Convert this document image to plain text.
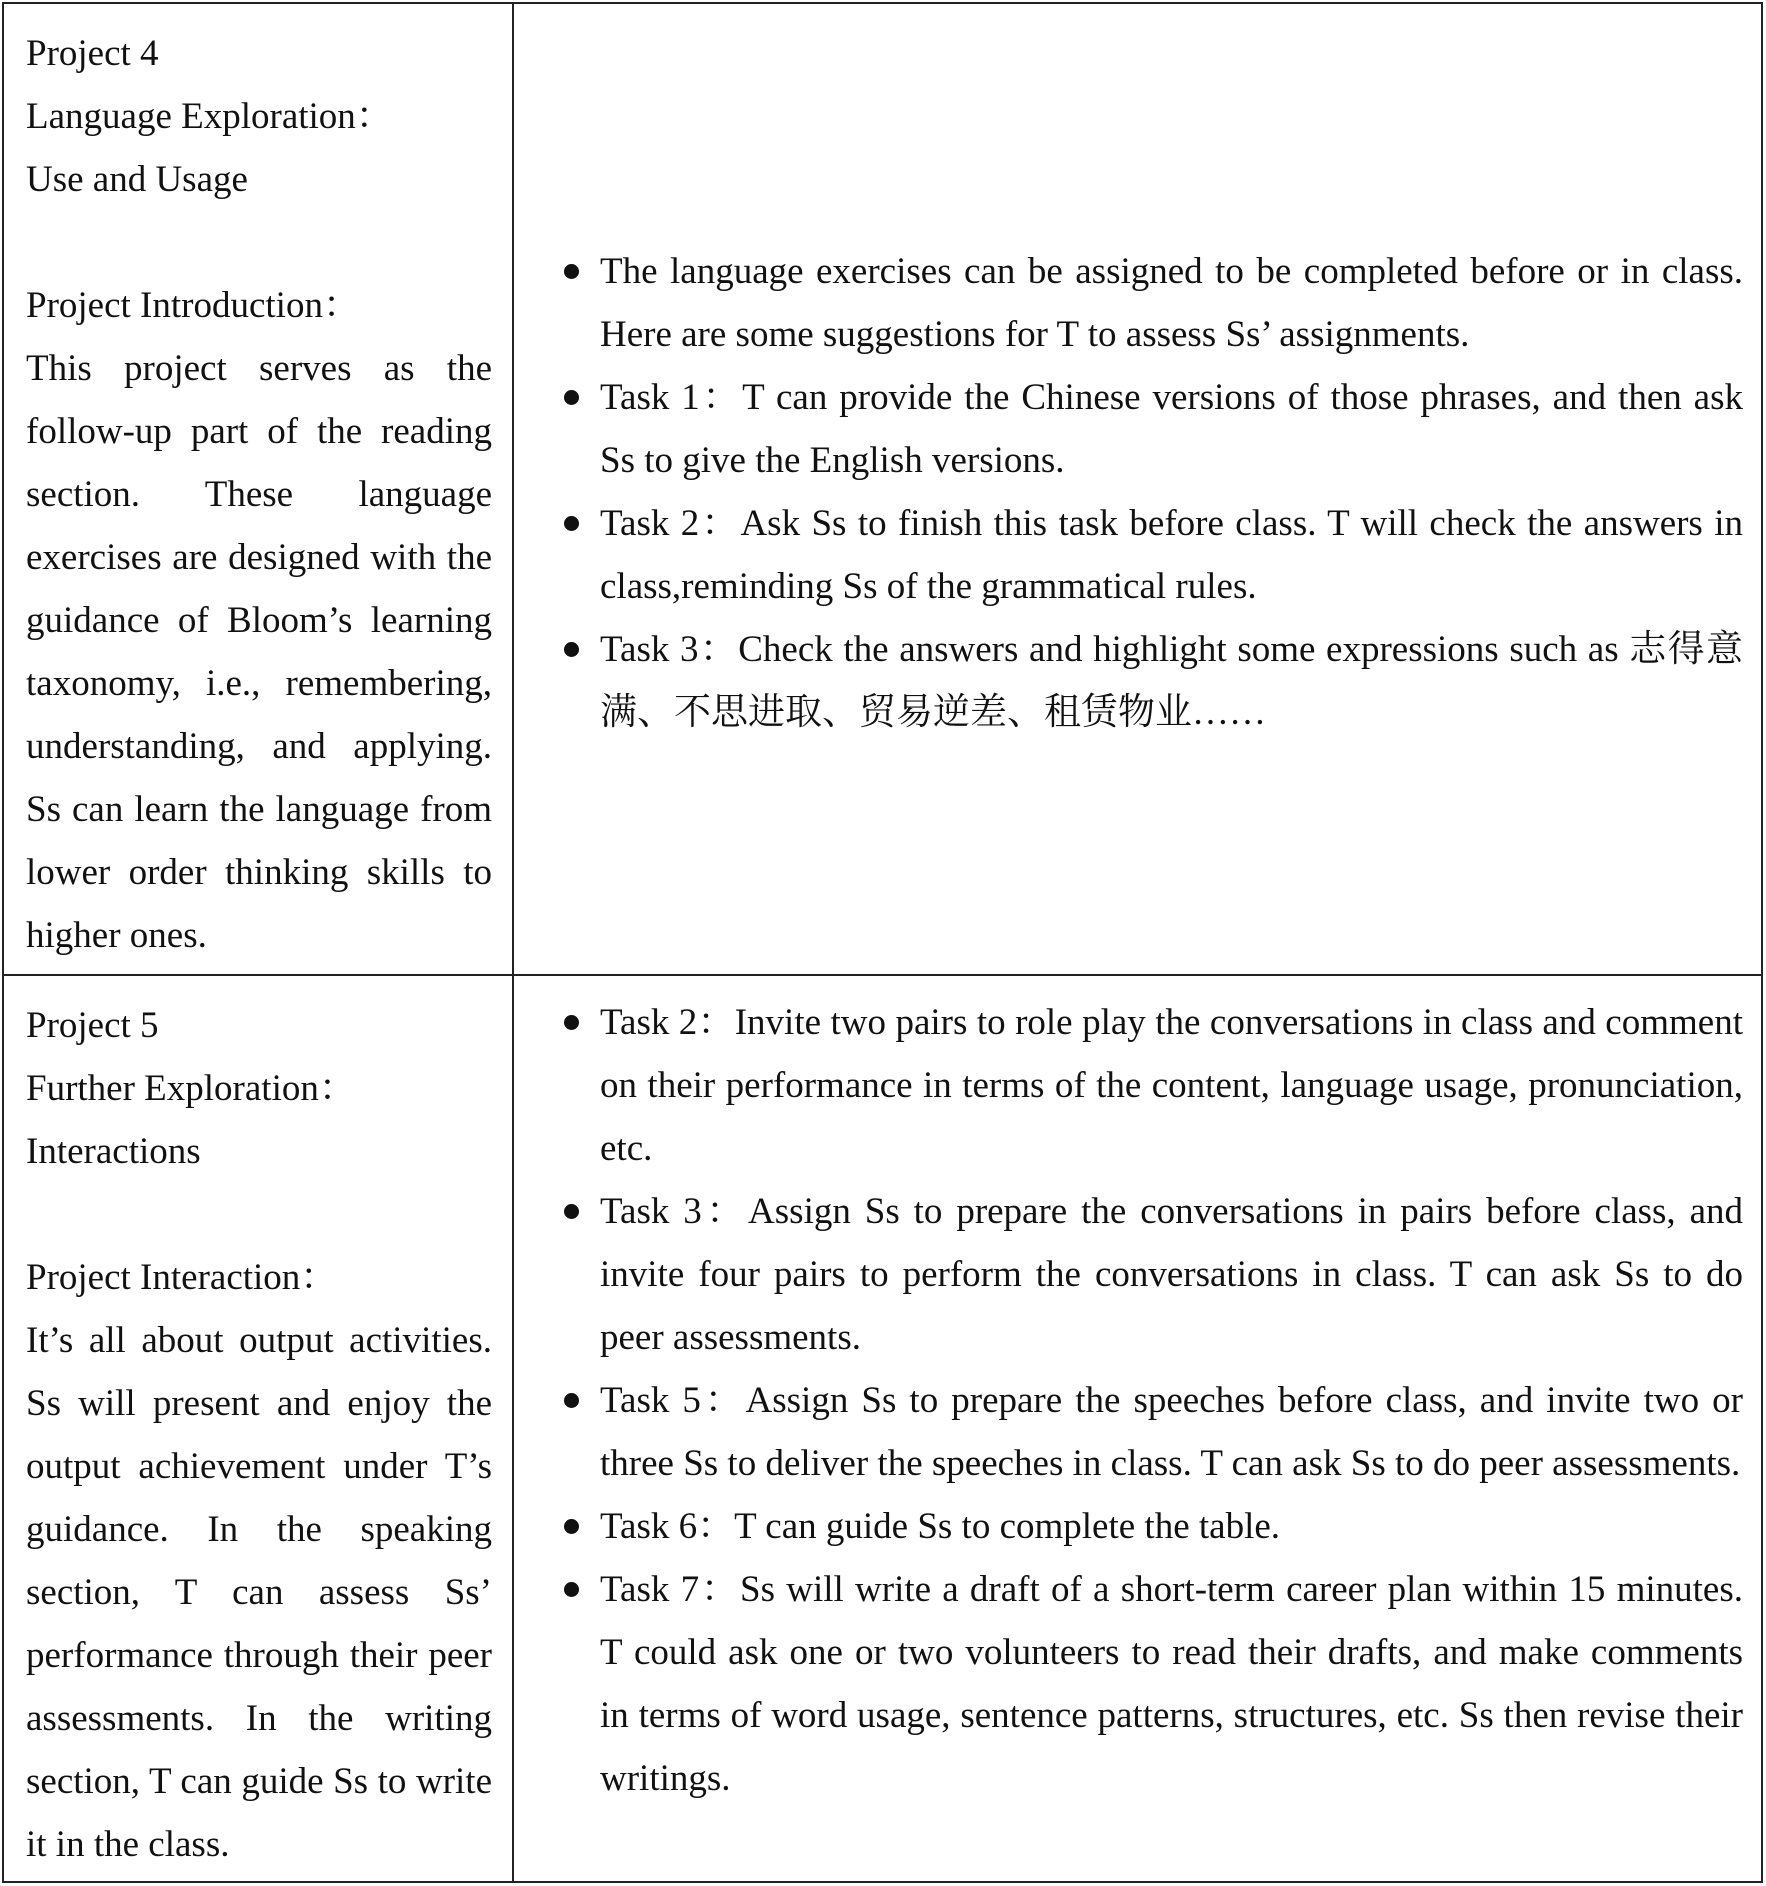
Project 4
Language Exploration：
Use and Usage
Project Introduction：
This project serves as the follow-up part of the reading section. These language exercises are designed with the guidance of Bloom’s learning taxonomy, i.e., remembering, understanding, and applying. Ss can learn the language from lower order thinking skills to higher ones.
The language exercises can be assigned to be completed before or in class. Here are some suggestions for T to assess Ss’ assignments.
Task 1：T can provide the Chinese versions of those phrases, and then ask Ss to give the English versions.
Task 2：Ask Ss to finish this task before class. T will check the answers in class,reminding Ss of the grammatical rules.
Task 3：Check the answers and highlight some expressions such as 志得意满、不思进取、贸易逆差、租赁物业……
Project 5
Further Exploration：
Interactions
Project Interaction：
It’s all about output activities. Ss will present and enjoy the output achievement under T’s guidance. In the speaking section, T can assess Ss’ performance through their peer assessments. In the writing section, T can guide Ss to write it in the class.
Task 2：Invite two pairs to role play the conversations in class and comment on their performance in terms of the content, language usage, pronunciation, etc.
Task 3：Assign Ss to prepare the conversations in pairs before class, and invite four pairs to perform the conversations in class. T can ask Ss to do peer assessments.
Task 5：Assign Ss to prepare the speeches before class, and invite two or three Ss to deliver the speeches in class. T can ask Ss to do peer assessments.
Task 6：T can guide Ss to complete the table.
Task 7：Ss will write a draft of a short-term career plan within 15 minutes. T could ask one or two volunteers to read their drafts, and make comments in terms of word usage, sentence patterns, structures, etc. Ss then revise their writings.
